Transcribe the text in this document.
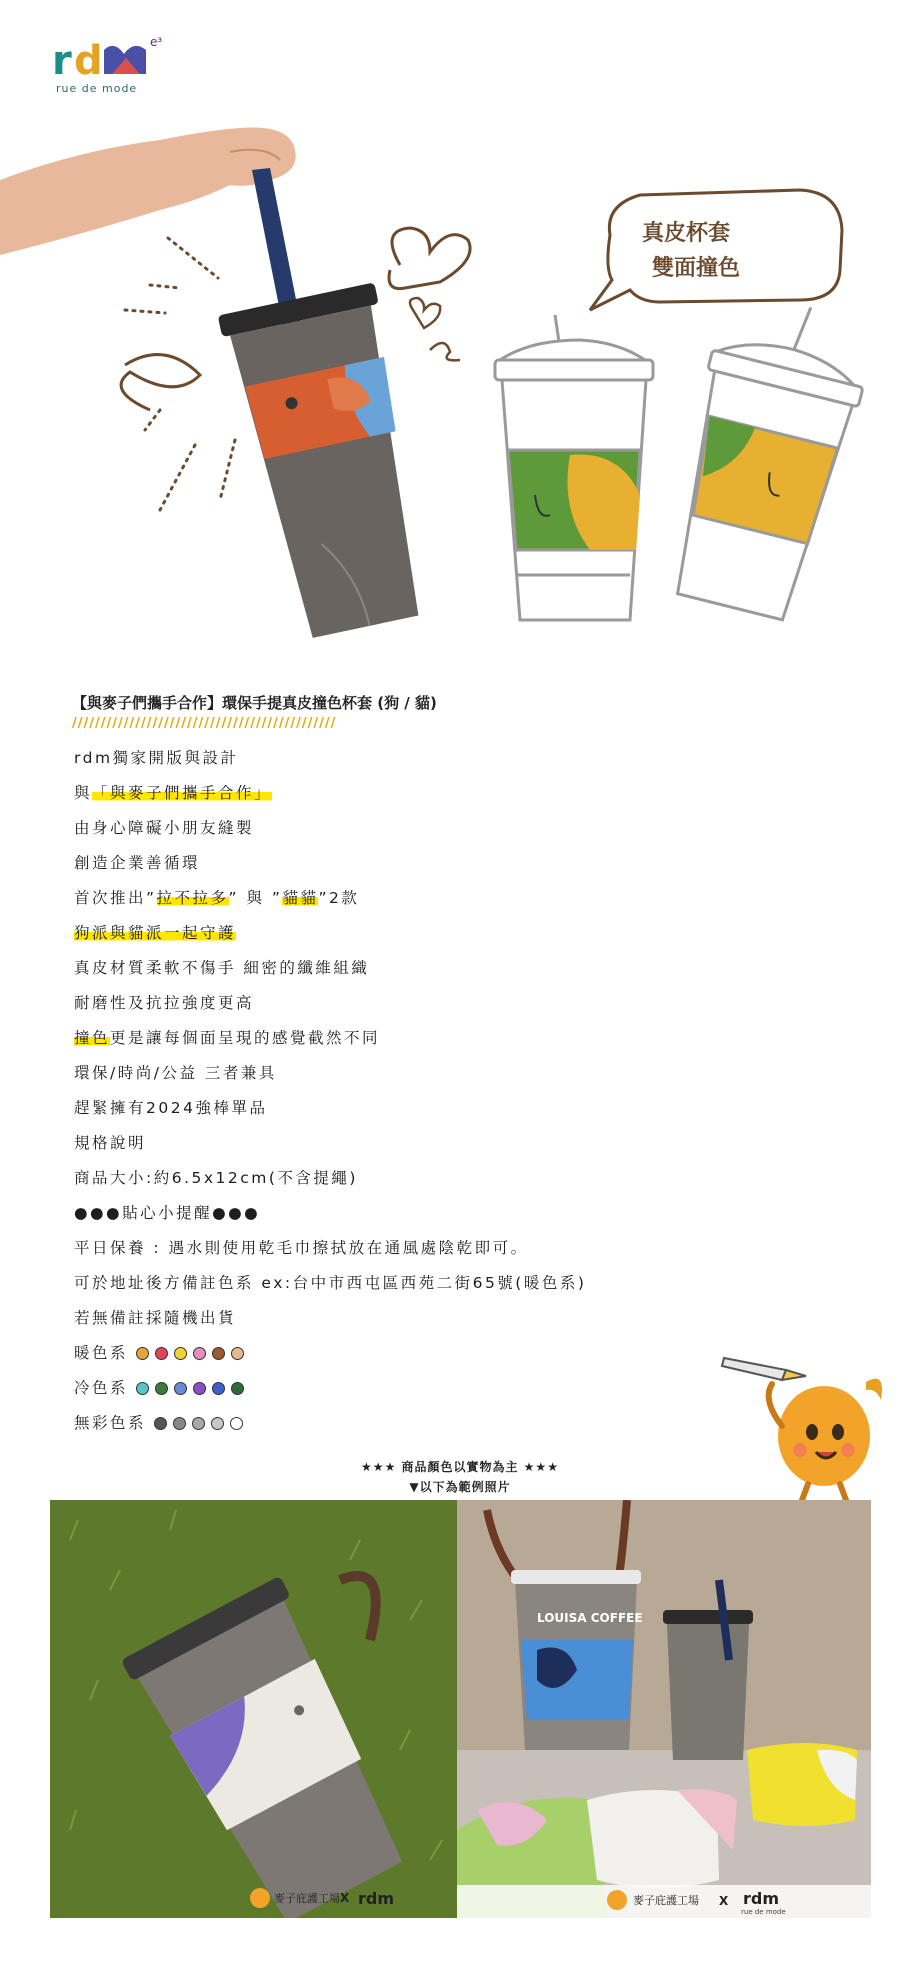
r d	e³
rue de mode
真皮杯套
雙面撞色
【與麥子們攜手合作】環保手提真皮撞色杯套 (狗 / 貓)
//////////////////////////////////////////////
rdm獨家開版與設計
與「與麥子們攜手合作」
由身心障礙小朋友縫製
創造企業善循環
首次推出”拉不拉多” 與 ”貓貓”2款
狗派與貓派一起守護
真皮材質柔軟不傷手 細密的纖維組織
耐磨性及抗拉強度更高
撞色更是讓每個面呈現的感覺截然不同
環保/時尚/公益 三者兼具
趕緊擁有2024強棒單品
規格說明
商品大小:約6.5x12cm(不含提繩)
●●●貼心小提醒●●●
平日保養 : 遇水則使用乾毛巾擦拭放在通風處陰乾即可。
可於地址後方備註色系 ex:台中市西屯區西苑二街65號(暖色系)
若無備註採隨機出貨
暖色系
冷色系
無彩色系
★★★ 商品顏色以實物為主 ★★★
▼以下為範例照片
麥子庇護工場 X rdm
LOUISA COFFEE
麥子庇護工場 X rdm
rue de mode
